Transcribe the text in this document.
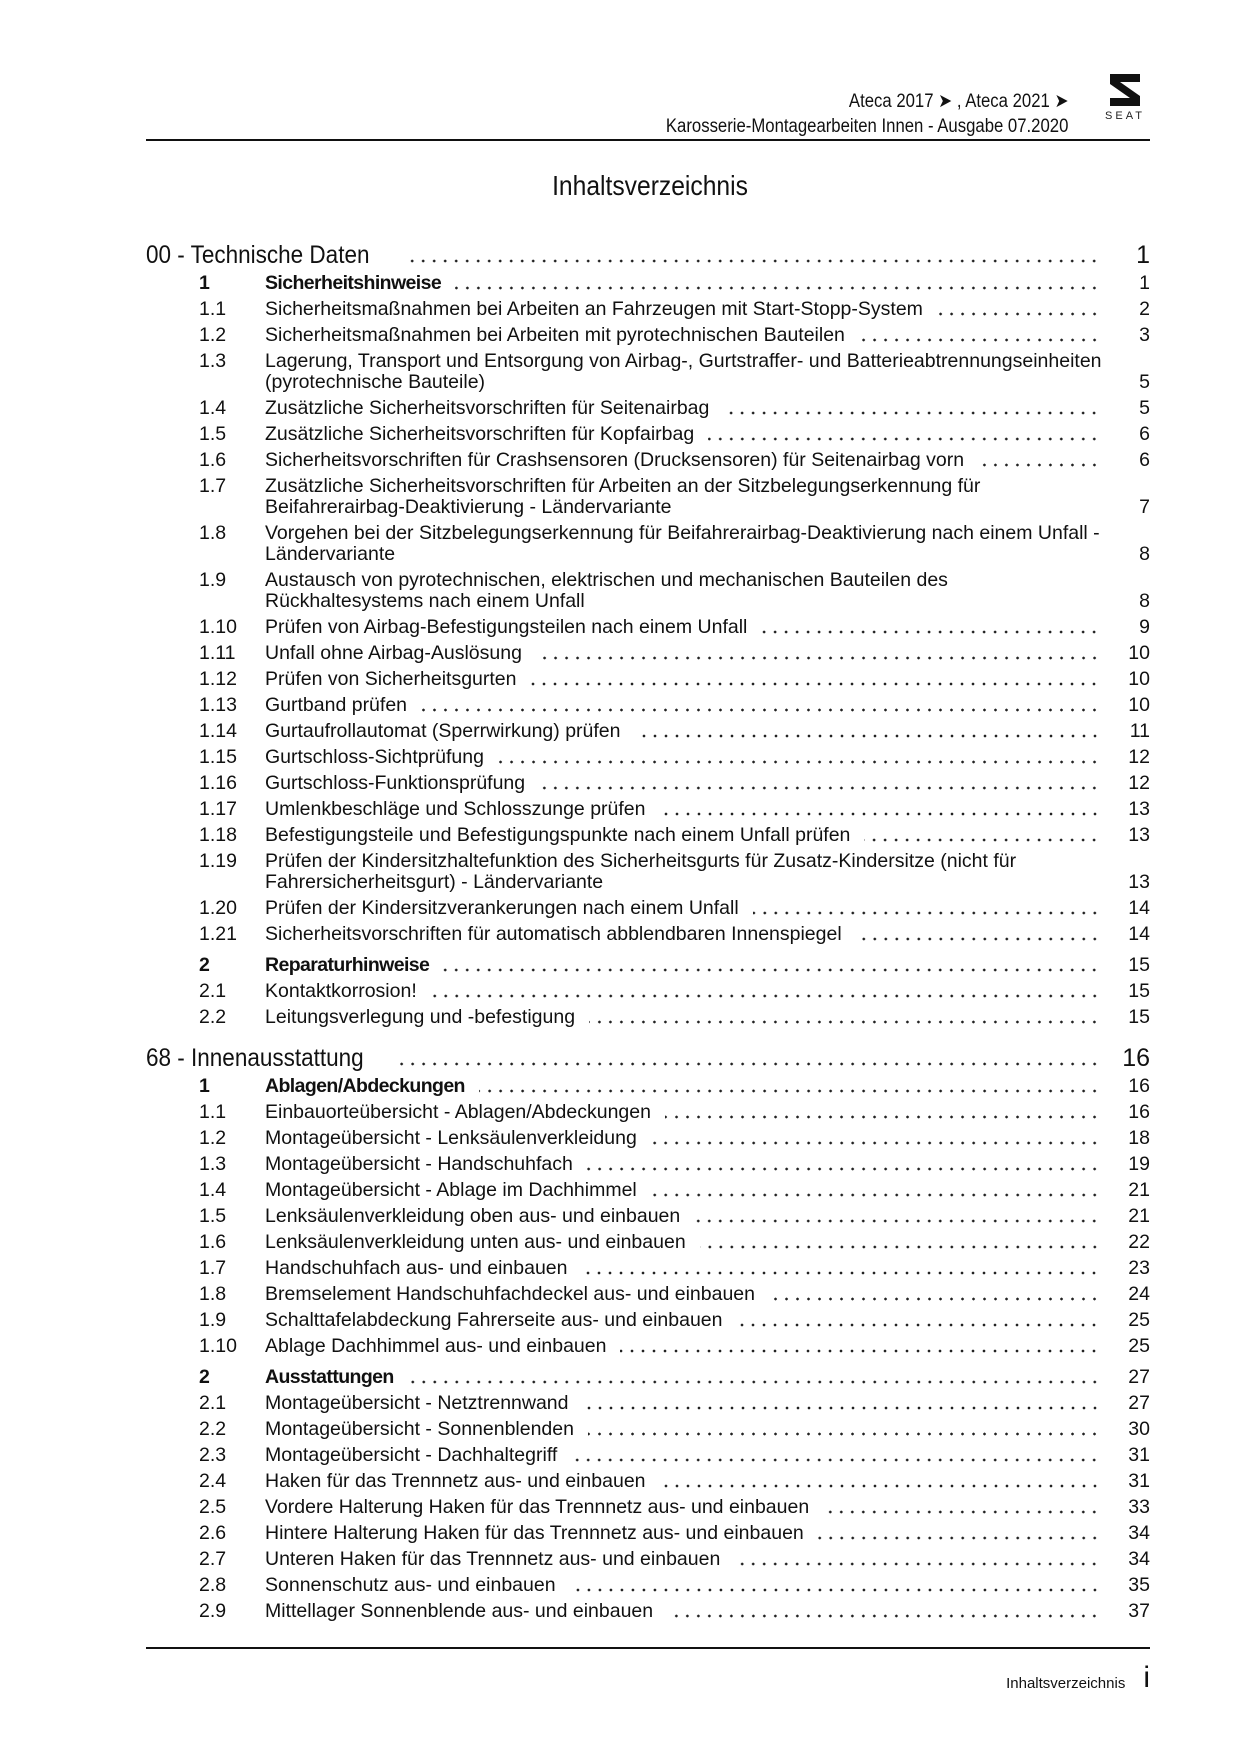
Ateca 2017 ➤ , Ateca 2021 ➤
Karosserie-Montagearbeiten Innen - Ausgabe 07.2020	SEAT
Inhaltsverzeichnis
00 - Technische Daten	1
1	Sicherheitshinweise	1
1.1	Sicherheitsmaßnahmen bei Arbeiten an Fahrzeugen mit Start-Stopp-System	2
1.2	Sicherheitsmaßnahmen bei Arbeiten mit pyrotechnischen Bauteilen	3
1.3	Lagerung, Transport und Entsorgung von Airbag-, Gurtstraffer- und Batterieabtrennungseinheiten (pyrotechnische Bauteile)	5
1.4	Zusätzliche Sicherheitsvorschriften für Seitenairbag	5
1.5	Zusätzliche Sicherheitsvorschriften für Kopfairbag	6
1.6	Sicherheitsvorschriften für Crashsensoren (Drucksensoren) für Seitenairbag vorn	6
1.7	Zusätzliche Sicherheitsvorschriften für Arbeiten an der Sitzbelegungserkennung für Beifahrerairbag-Deaktivierung - Ländervariante	7
1.8	Vorgehen bei der Sitzbelegungserkennung für Beifahrerairbag-Deaktivierung nach einem Unfall - Ländervariante	8
1.9	Austausch von pyrotechnischen, elektrischen und mechanischen Bauteilen des Rückhaltesystems nach einem Unfall	8
1.10	Prüfen von Airbag-Befestigungsteilen nach einem Unfall	9
1.11	Unfall ohne Airbag-Auslösung	10
1.12	Prüfen von Sicherheitsgurten	10
1.13	Gurtband prüfen	10
1.14	Gurtaufrollautomat (Sperrwirkung) prüfen	11
1.15	Gurtschloss-Sichtprüfung	12
1.16	Gurtschloss-Funktionsprüfung	12
1.17	Umlenkbeschläge und Schlosszunge prüfen	13
1.18	Befestigungsteile und Befestigungspunkte nach einem Unfall prüfen	13
1.19	Prüfen der Kindersitzhaltefunktion des Sicherheitsgurts für Zusatz-Kindersitze (nicht für Fahrersicherheitsgurt) - Ländervariante	13
1.20	Prüfen der Kindersitzverankerungen nach einem Unfall	14
1.21	Sicherheitsvorschriften für automatisch abblendbaren Innenspiegel	14
2	Reparaturhinweise	15
2.1	Kontaktkorrosion!	15
2.2	Leitungsverlegung und -befestigung	15
68 - Innenausstattung	16
1	Ablagen/Abdeckungen	16
1.1	Einbauorteübersicht - Ablagen/Abdeckungen	16
1.2	Montageübersicht - Lenksäulenverkleidung	18
1.3	Montageübersicht - Handschuhfach	19
1.4	Montageübersicht - Ablage im Dachhimmel	21
1.5	Lenksäulenverkleidung oben aus- und einbauen	21
1.6	Lenksäulenverkleidung unten aus- und einbauen	22
1.7	Handschuhfach aus- und einbauen	23
1.8	Bremselement Handschuhfachdeckel aus- und einbauen	24
1.9	Schalttafelabdeckung Fahrerseite aus- und einbauen	25
1.10	Ablage Dachhimmel aus- und einbauen	25
2	Ausstattungen	27
2.1	Montageübersicht - Netztrennwand	27
2.2	Montageübersicht - Sonnenblenden	30
2.3	Montageübersicht - Dachhaltegriff	31
2.4	Haken für das Trennnetz aus- und einbauen	31
2.5	Vordere Halterung Haken für das Trennnetz aus- und einbauen	33
2.6	Hintere Halterung Haken für das Trennnetz aus- und einbauen	34
2.7	Unteren Haken für das Trennnetz aus- und einbauen	34
2.8	Sonnenschutz aus- und einbauen	35
2.9	Mittellager Sonnenblende aus- und einbauen	37
Inhaltsverzeichnis i
